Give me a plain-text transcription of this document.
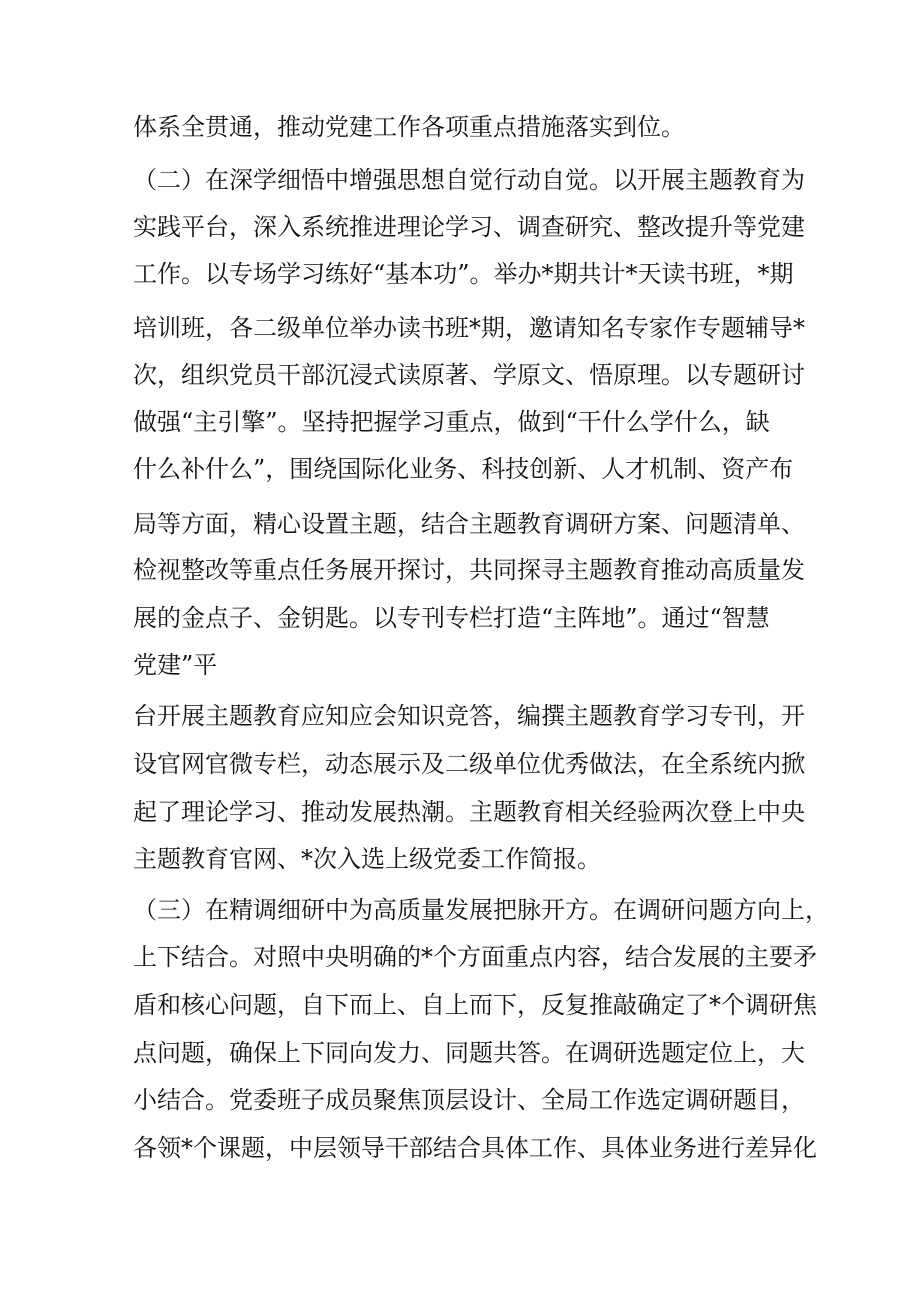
体系全贯通，推动党建工作各项重点措施落实到位。
（二）在深学细悟中增强思想自觉行动自觉。以开展主题教育为
实践平台，深入系统推进理论学习、调查研究、整改提升等党建
工作。以专场学习练好“基本功”。举办*期共计*天读书班，*期
培训班，各二级单位举办读书班*期，邀请知名专家作专题辅导*
次，组织党员干部沉浸式读原著、学原文、悟原理。以专题研讨
做强“主引擎”。坚持把握学习重点，做到“干什么学什么，缺
什么补什么”，围绕国际化业务、科技创新、人才机制、资产布
局等方面，精心设置主题，结合主题教育调研方案、问题清单、
检视整改等重点任务展开探讨，共同探寻主题教育推动高质量发
展的金点子、金钥匙。以专刊专栏打造“主阵地”。通过“智慧
党建”平
台开展主题教育应知应会知识竞答，编撰主题教育学习专刊，开
设官网官微专栏，动态展示及二级单位优秀做法，在全系统内掀
起了理论学习、推动发展热潮。主题教育相关经验两次登上中央
主题教育官网、*次入选上级党委工作简报。
（三）在精调细研中为高质量发展把脉开方。在调研问题方向上，
上下结合。对照中央明确的*个方面重点内容，结合发展的主要矛
盾和核心问题，自下而上、自上而下，反复推敲确定了*个调研焦
点问题，确保上下同向发力、同题共答。在调研选题定位上，大
小结合。党委班子成员聚焦顶层设计、全局工作选定调研题目，
各领*个课题，中层领导干部结合具体工作、具体业务进行差异化
